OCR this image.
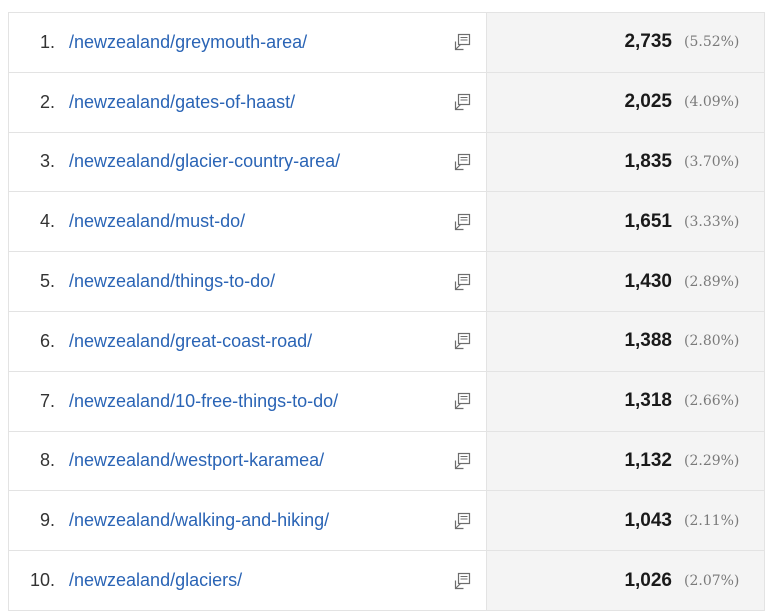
1. /newzealand/greymouth-area/	2,735 (5.52%)
2. /newzealand/gates-of-haast/	2,025 (4.09%)
3. /newzealand/glacier-country-area/	1,835 (3.70%)
4. /newzealand/must-do/	1,651 (3.33%)
5. /newzealand/things-to-do/	1,430 (2.89%)
6. /newzealand/great-coast-road/	1,388 (2.80%)
7. /newzealand/10-free-things-to-do/	1,318 (2.66%)
8. /newzealand/westport-karamea/	1,132 (2.29%)
9. /newzealand/walking-and-hiking/	1,043 (2.11%)
10. /newzealand/glaciers/	1,026 (2.07%)
